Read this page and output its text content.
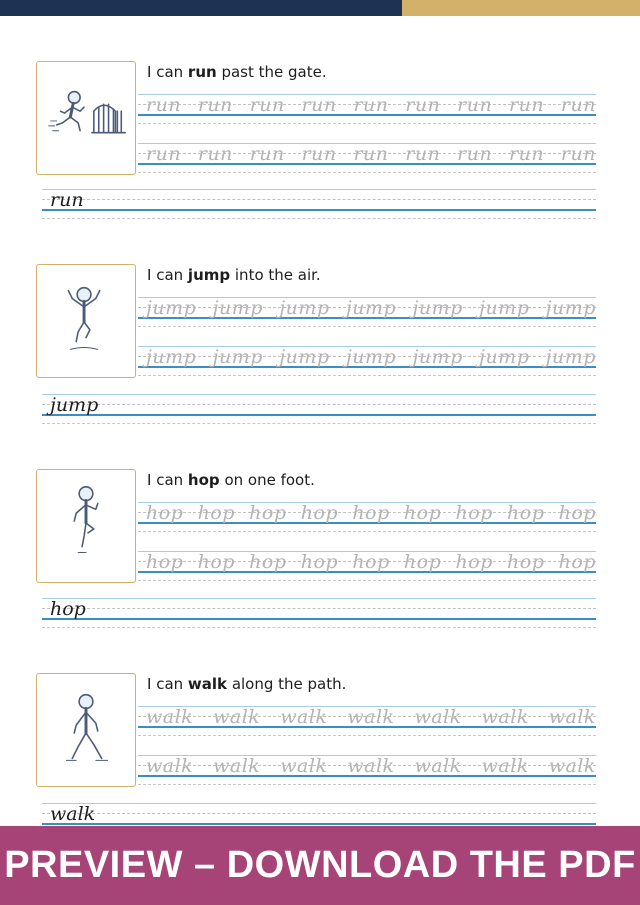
I can run past the gate.
run run run run run run run run run
run run run run run run run run run
run
I can jump into the air.
jump jump jump jump jump jump jump
jump jump jump jump jump jump jump
jump
I can hop on one foot.
hop hop hop hop hop hop hop hop hop
hop hop hop hop hop hop hop hop hop
hop
I can walk along the path.
walk walk walk walk walk walk walk
walk walk walk walk walk walk walk
walk
PREVIEW – DOWNLOAD THE PDF
